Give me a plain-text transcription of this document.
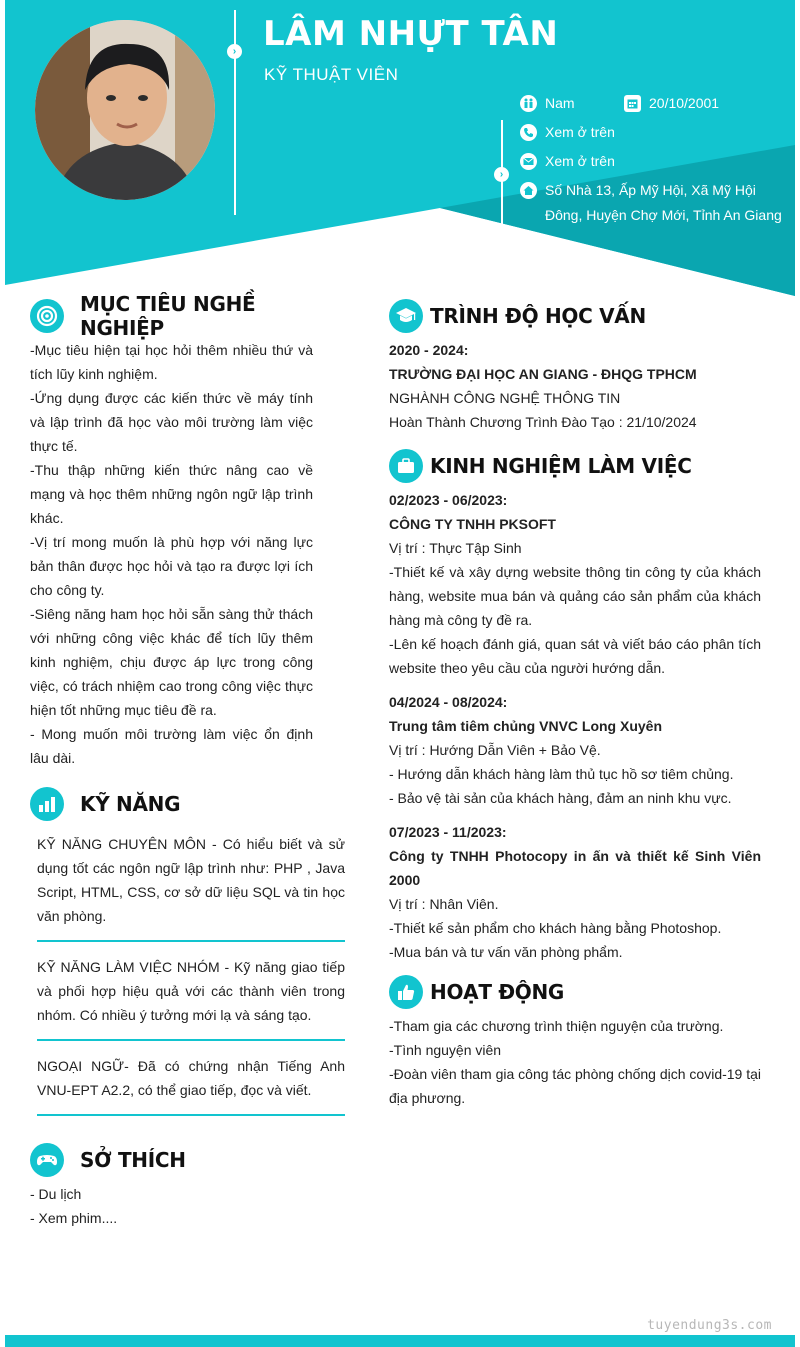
› LÂM NHỰT TÂN
KỸ THUẬT VIÊN
›
Nam	20/10/2001
Xem ở trên
Xem ở trên
Số Nhà 13, Ấp Mỹ Hội, Xã Mỹ Hội
Đông, Huyện Chợ Mới, Tỉnh An Giang
MỤC TIÊU NGHỀ NGHIỆP

-Mục tiêu hiện tại học hỏi thêm nhiều thứ và tích lũy kinh nghiệm.

-Ứng dụng được các kiến thức về máy tính và lập trình đã học vào môi trường làm việc thực tế.

-Thu thập những kiến thức nâng cao về mạng và học thêm những ngôn ngữ lập trình khác.

-Vị trí mong muốn là phù hợp với năng lực bản thân được học hỏi và tạo ra được lợi ích cho công ty.

-Siêng năng ham học hỏi sẵn sàng thử thách với những công việc khác để tích lũy thêm kinh nghiệm, chịu được áp lực trong công việc, có trách nhiệm cao trong công việc thực hiện tốt những mục tiêu đề ra.

- Mong muốn môi trường làm việc ổn định lâu dài.

KỸ NĂNG

KỸ NĂNG CHUYÊN MÔN - Có hiểu biết và sử dụng tốt các ngôn ngữ lập trình như: PHP , Java Script, HTML, CSS, cơ sở dữ liệu SQL và tin học văn phòng.

KỸ NĂNG LÀM VIỆC NHÓM - Kỹ năng giao tiếp và phối hợp hiệu quả với các thành viên trong nhóm. Có nhiều ý tưởng mới lạ và sáng tạo.

NGOẠI NGỮ- Đã có chứng nhận Tiếng Anh VNU-EPT A2.2, có thể giao tiếp, đọc và viết.

SỞ THÍCH

- Du lịch

- Xem phim....

TRÌNH ĐỘ HỌC VẤN

2020 - 2024:

TRƯỜNG ĐẠI HỌC AN GIANG - ĐHQG TPHCM

NGHÀNH CÔNG NGHỆ THÔNG TIN

Hoàn Thành Chương Trình Đào Tạo : 21/10/2024

KINH NGHIỆM LÀM VIỆC

02/2023 - 06/2023:

CÔNG TY TNHH PKSOFT

Vị trí : Thực Tập Sinh

-Thiết kế và xây dựng website thông tin công ty của khách hàng, website mua bán và quảng cáo sản phẩm của khách hàng mà công ty đề ra.

-Lên kế hoạch đánh giá, quan sát và viết báo cáo phân tích website theo yêu cầu của người hướng dẫn.

04/2024 - 08/2024:

Trung tâm tiêm chủng VNVC Long Xuyên

Vị trí : Hướng Dẫn Viên + Bảo Vệ.

- Hướng dẫn khách hàng làm thủ tục hồ sơ tiêm chủng.

- Bảo vệ tài sản của khách hàng, đảm an ninh khu vực.

07/2023 - 11/2023:

Công ty TNHH Photocopy in ấn và thiết kế Sinh Viên 2000

Vị trí : Nhân Viên.

-Thiết kế sản phẩm cho khách hàng bằng Photoshop.

-Mua bán và tư vấn văn phòng phẩm.

HOẠT ĐỘNG

-Tham gia các chương trình thiện nguyện của trường.

-Tình nguyện viên

-Đoàn viên tham gia công tác phòng chống dịch covid-19 tại địa phương.

tuyendung3s.com
